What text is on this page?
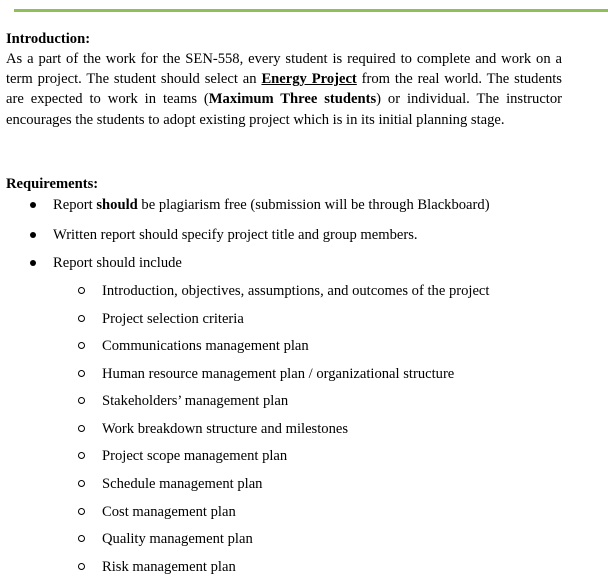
Introduction:

As a part of the work for the SEN-558, every student is required to complete and work on a term project. The student should select an Energy Project from the real world. The students are expected to work in teams (Maximum Three students) or individual. The instructor encourages the students to adopt existing project which is in its initial planning stage.

Requirements:
Report should be plagiarism free (submission will be through Blackboard)
Written report should specify project title and group members.
Report should include
Introduction, objectives, assumptions, and outcomes of the project
Project selection criteria
Communications management plan
Human resource management plan / organizational structure
Stakeholders’ management plan
Work breakdown structure and milestones
Project scope management plan
Schedule management plan
Cost management plan
Quality management plan
Risk management plan
